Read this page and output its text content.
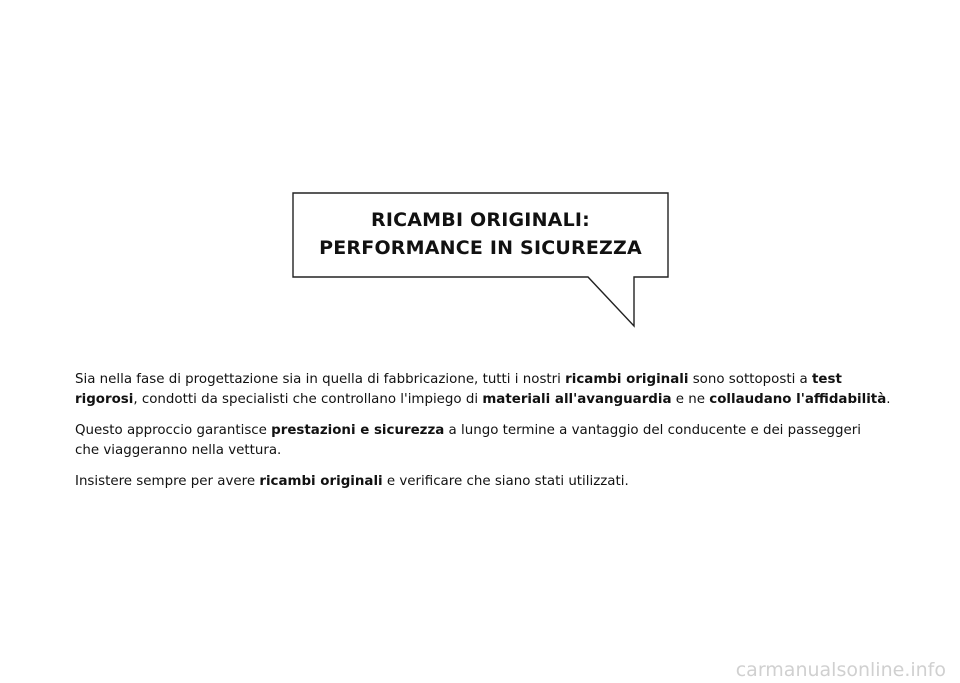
RICAMBI ORIGINALI:
PERFORMANCE IN SICUREZZA

Sia nella fase di progettazione sia in quella di fabbricazione, tutti i nostri ricambi originali sono sottoposti a test
rigorosi, condotti da specialisti che controllano l'impiego di materiali all'avanguardia e ne collaudano l'affidabilità.

Questo approccio garantisce prestazioni e sicurezza a lungo termine a vantaggio del conducente e dei passeggeri
che viaggeranno nella vettura.

Insistere sempre per avere ricambi originali e verificare che siano stati utilizzati.

carmanualsonline.info
